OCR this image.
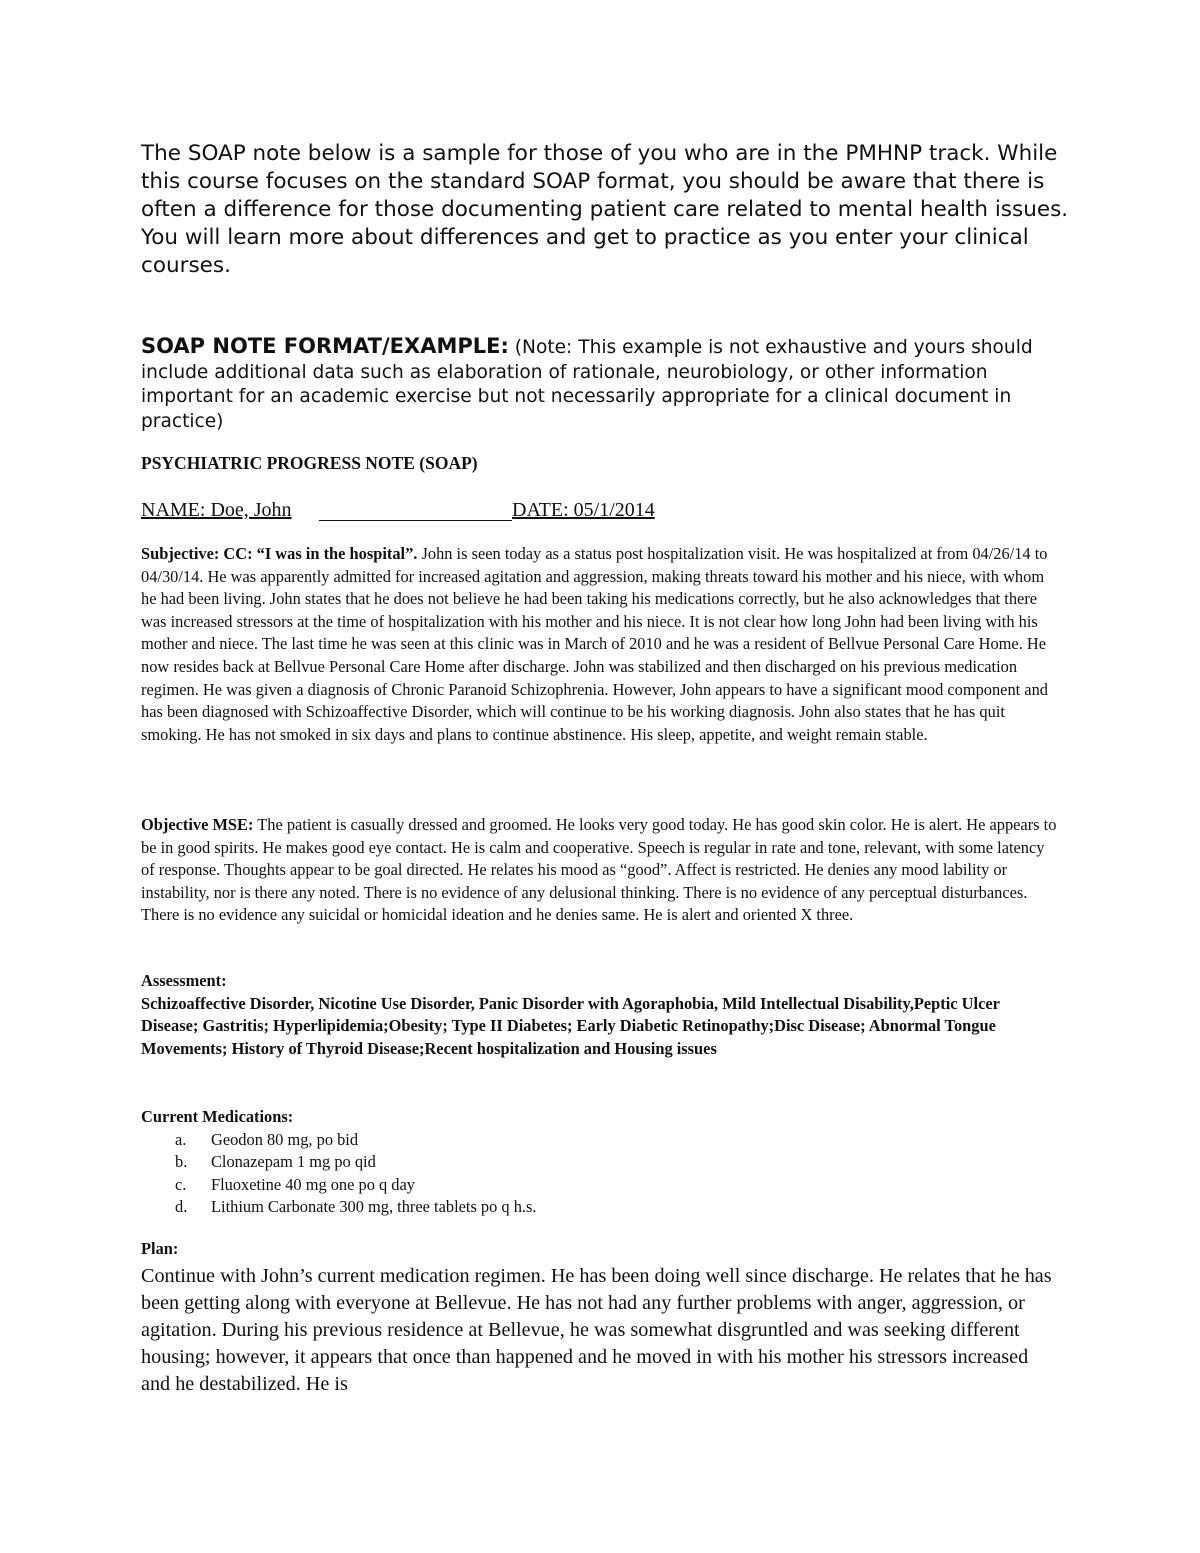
The SOAP note below is a sample for those of you who are in the PMHNP track. While this course focuses on the standard SOAP format, you should be aware that there is often a difference for those documenting patient care related to mental health issues. You will learn more about differences and get to practice as you enter your clinical courses.
SOAP NOTE FORMAT/EXAMPLE: (Note: This example is not exhaustive and yours should include additional data such as elaboration of rationale, neurobiology, or other information important for an academic exercise but not necessarily appropriate for a clinical document in practice)
PSYCHIATRIC PROGRESS NOTE (SOAP)
NAME: Doe, John	DATE: 05/1/2014
Subjective: CC: “I was in the hospital”. John is seen today as a status post hospitalization visit. He was hospitalized at from 04/26/14 to 04/30/14. He was apparently admitted for increased agitation and aggression, making threats toward his mother and his niece, with whom he had been living. John states that he does not believe he had been taking his medications correctly, but he also acknowledges that there was increased stressors at the time of hospitalization with his mother and his niece. It is not clear how long John had been living with his mother and niece. The last time he was seen at this clinic was in March of 2010 and he was a resident of Bellvue Personal Care Home. He now resides back at Bellvue Personal Care Home after discharge. John was stabilized and then discharged on his previous medication regimen. He was given a diagnosis of Chronic Paranoid Schizophrenia. However, John appears to have a significant mood component and has been diagnosed with Schizoaffective Disorder, which will continue to be his working diagnosis. John also states that he has quit smoking. He has not smoked in six days and plans to continue abstinence. His sleep, appetite, and weight remain stable.
Objective MSE: The patient is casually dressed and groomed. He looks very good today. He has good skin color. He is alert. He appears to be in good spirits. He makes good eye contact. He is calm and cooperative. Speech is regular in rate and tone, relevant, with some latency of response. Thoughts appear to be goal directed. He relates his mood as “good”. Affect is restricted. He denies any mood lability or instability, nor is there any noted. There is no evidence of any delusional thinking. There is no evidence of any perceptual disturbances. There is no evidence any suicidal or homicidal ideation and he denies same. He is alert and oriented X three.
Assessment:
Schizoaffective Disorder, Nicotine Use Disorder, Panic Disorder with Agoraphobia, Mild Intellectual Disability,Peptic Ulcer Disease; Gastritis; Hyperlipidemia;Obesity; Type II Diabetes; Early Diabetic Retinopathy;Disc Disease; Abnormal Tongue Movements; History of Thyroid Disease;Recent hospitalization and Housing issues
Current Medications:
a. Geodon 80 mg, po bid
b. Clonazepam 1 mg po qid
c. Fluoxetine 40 mg one po q day
d. Lithium Carbonate 300 mg, three tablets po q h.s.
Plan:
Continue with John’s current medication regimen. He has been doing well since discharge. He relates that he has been getting along with everyone at Bellevue. He has not had any further problems with anger, aggression, or agitation. During his previous residence at Bellevue, he was somewhat disgruntled and was seeking different housing; however, it appears that once than happened and he moved in with his mother his stressors increased and he destabilized. He is
